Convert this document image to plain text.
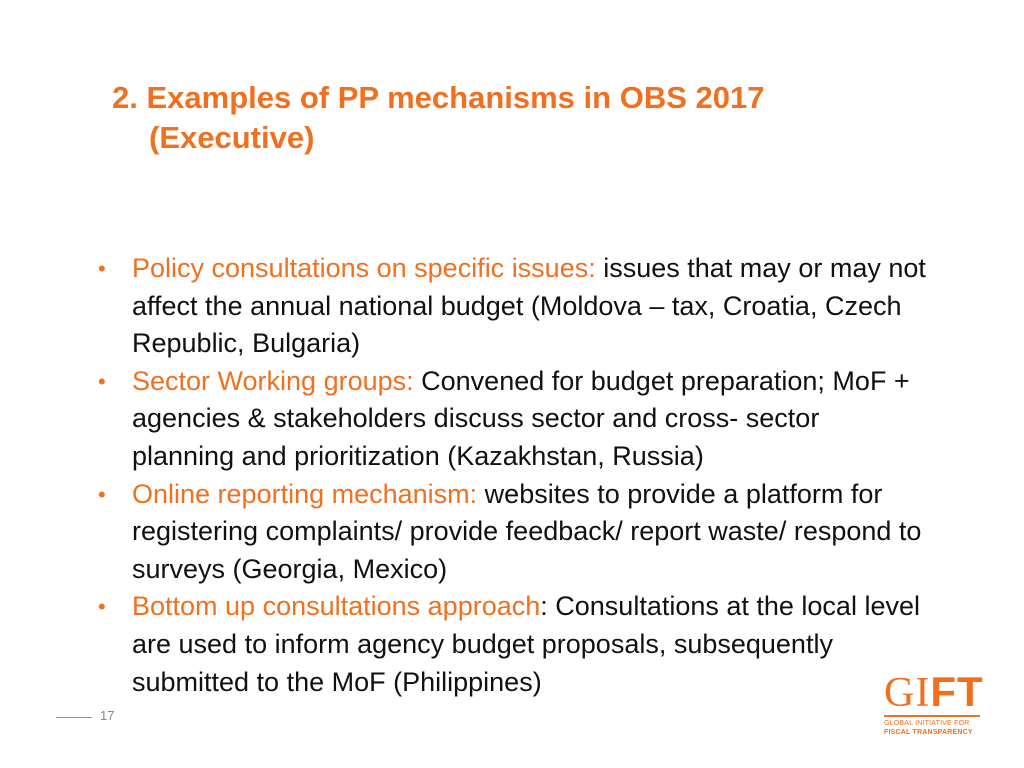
2. Examples of PP mechanisms in OBS 2017
(Executive)
• Policy consultations on specific issues: issues that may or may not affect the annual national budget (Moldova – tax, Croatia, Czech Republic, Bulgaria)
• Sector Working groups: Convened for budget preparation; MoF + agencies & stakeholders discuss sector and cross- sector planning and prioritization (Kazakhstan, Russia)
• Online reporting mechanism: websites to provide a platform for registering complaints/ provide feedback/ report waste/ respond to surveys (Georgia, Mexico)
• Bottom up consultations approach: Consultations at the local level are used to inform agency budget proposals, subsequently submitted to the MoF (Philippines)
17	GIFT
GLOBAL INITIATIVE FOR
FISCAL TRANSPARENCY
